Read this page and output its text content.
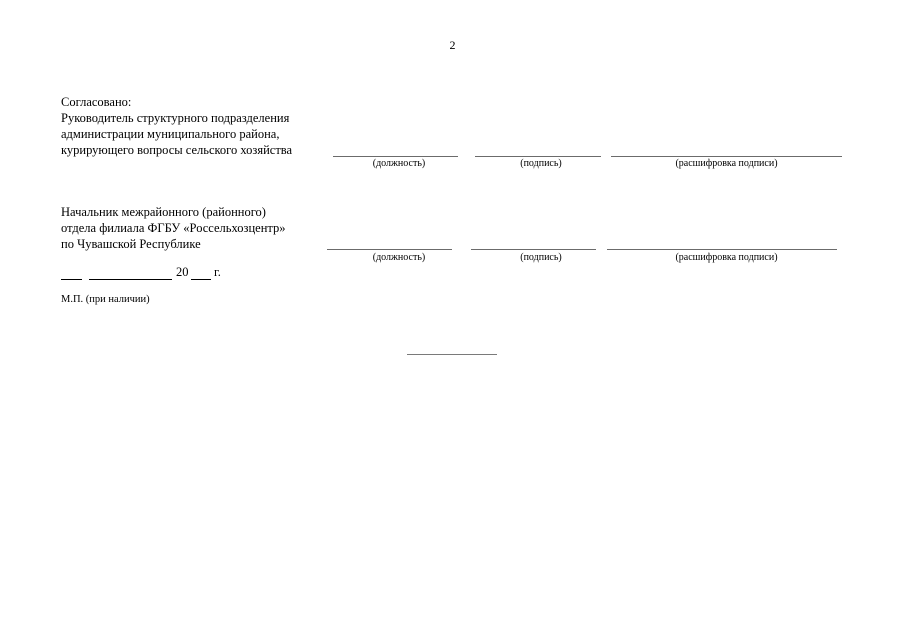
2
Согласовано:
Руководитель структурного подразделения
администрации муниципального района,
курирующего вопросы сельского хозяйства
(должность)	(подпись)	(расшифровка подписи)
Начальник межрайонного (районного)
отдела филиала ФГБУ «Россельхозцентр»
по Чувашской Республике
(должность)	(подпись)	(расшифровка подписи)
20 г.
М.П. (при наличии)
